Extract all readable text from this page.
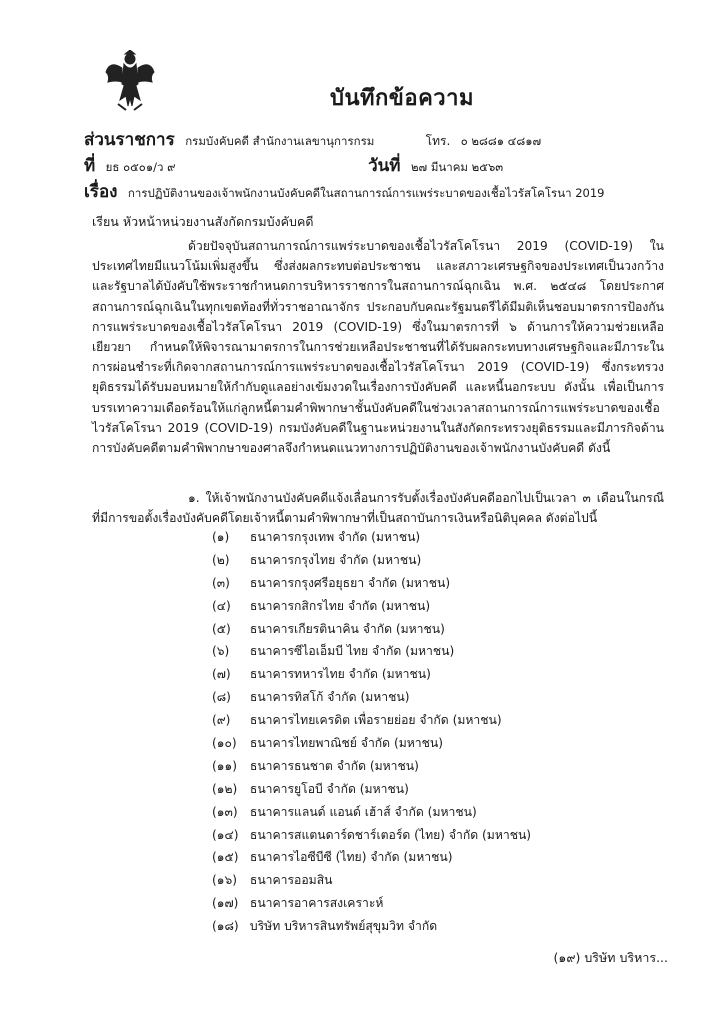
บันทึกข้อความ
ส่วนราชการ กรมบังคับคดี สำนักงานเลขานุการกรม	โทร. ๐ ๒๘๘๑ ๔๘๑๗
ที่ ยธ ๐๕๐๑/ว ๙	วันที่ ๒๗ มีนาคม ๒๕๖๓
เรื่อง การปฏิบัติงานของเจ้าพนักงานบังคับคดีในสถานการณ์การแพร่ระบาดของเชื้อไวรัสโคโรนา 2019
เรียน หัวหน้าหน่วยงานสังกัดกรมบังคับคดี

ด้วยปัจจุบันสถานการณ์การแพร่ระบาดของเชื้อไวรัสโคโรนา 2019 (COVID-19) ในประเทศไทยมีแนวโน้มเพิ่มสูงขึ้น ซึ่งส่งผลกระทบต่อประชาชน และสภาวะเศรษฐกิจของประเทศเป็นวงกว้าง และรัฐบาลได้บังคับใช้พระราชกำหนดการบริหารราชการในสถานการณ์ฉุกเฉิน พ.ศ. ๒๕๔๘ โดยประกาศสถานการณ์ฉุกเฉินในทุกเขตท้องที่ทั่วราชอาณาจักร ประกอบกับคณะรัฐมนตรีได้มีมติเห็นชอบมาตรการป้องกันการแพร่ระบาดของเชื้อไวรัสโคโรนา 2019 (COVID-19) ซึ่งในมาตรการที่ ๖ ด้านการให้ความช่วยเหลือเยียวยา กำหนดให้พิจารณามาตรการในการช่วยเหลือประชาชนที่ได้รับผลกระทบทางเศรษฐกิจและมีภาระในการผ่อนชำระที่เกิดจากสถานการณ์การแพร่ระบาดของเชื้อไวรัสโคโรนา 2019 (COVID-19) ซึ่งกระทรวงยุติธรรมได้รับมอบหมายให้กำกับดูแลอย่างเข้มงวดในเรื่องการบังคับคดี และหนี้นอกระบบ ดังนั้น เพื่อเป็นการบรรเทาความเดือดร้อนให้แก่ลูกหนี้ตามคำพิพากษาชั้นบังคับคดีในช่วงเวลาสถานการณ์การแพร่ระบาดของเชื้อไวรัสโคโรนา 2019 (COVID-19) กรมบังคับคดีในฐานะหน่วยงานในสังกัดกระทรวงยุติธรรมและมีภารกิจด้านการบังคับคดีตามคำพิพากษาของศาลจึงกำหนดแนวทางการปฏิบัติงานของเจ้าพนักงานบังคับคดี ดังนี้

๑. ให้เจ้าพนักงานบังคับคดีแจ้งเลื่อนการรับตั้งเรื่องบังคับคดีออกไปเป็นเวลา ๓ เดือนในกรณีที่มีการขอตั้งเรื่องบังคับคดีโดยเจ้าหนี้ตามคำพิพากษาที่เป็นสถาบันการเงินหรือนิติบุคคล ดังต่อไปนี้

(๑) ธนาคารกรุงเทพ จำกัด (มหาชน)
(๒) ธนาคารกรุงไทย จำกัด (มหาชน)
(๓) ธนาคารกรุงศรีอยุธยา จำกัด (มหาชน)
(๔) ธนาคารกสิกรไทย จำกัด (มหาชน)
(๕) ธนาคารเกียรตินาคิน จำกัด (มหาชน)
(๖) ธนาคารซีไอเอ็มบี ไทย จำกัด (มหาชน)
(๗) ธนาคารทหารไทย จำกัด (มหาชน)
(๘) ธนาคารทิสโก้ จำกัด (มหาชน)
(๙) ธนาคารไทยเครดิต เพื่อรายย่อย จำกัด (มหาชน)
(๑๐) ธนาคารไทยพาณิชย์ จำกัด (มหาชน)
(๑๑) ธนาคารธนชาต จำกัด (มหาชน)
(๑๒) ธนาคารยูโอบี จำกัด (มหาชน)
(๑๓) ธนาคารแลนด์ แอนด์ เฮ้าส์ จำกัด (มหาชน)
(๑๔) ธนาคารสแตนดาร์ดชาร์เตอร์ด (ไทย) จำกัด (มหาชน)
(๑๕) ธนาคารไอซีบีซี (ไทย) จำกัด (มหาชน)
(๑๖) ธนาคารออมสิน
(๑๗) ธนาคารอาคารสงเคราะห์
(๑๘) บริษัท บริหารสินทรัพย์สุขุมวิท จำกัด
(๑๙) บริษัท บริหาร...
